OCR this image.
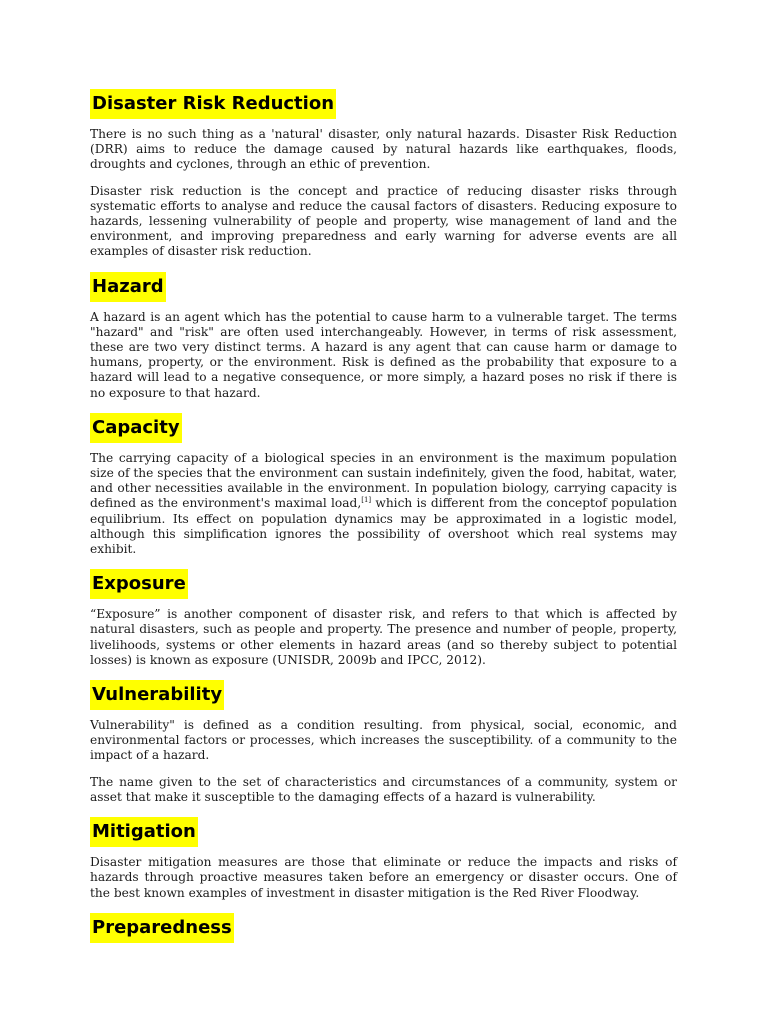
Disaster Risk Reduction

There is no such thing as a 'natural' disaster, only natural hazards. Disaster Risk Reduction (DRR) aims to reduce the damage caused by natural hazards like earthquakes, floods, droughts and cyclones, through an ethic of prevention.

Disaster risk reduction is the concept and practice of reducing disaster risks through systematic efforts to analyse and reduce the causal factors of disasters. Reducing exposure to hazards, lessening vulnerability of people and property, wise management of land and the environment, and improving preparedness and early warning for adverse events are all examples of disaster risk reduction.

Hazard

A hazard is an agent which has the potential to cause harm to a vulnerable target. The terms "hazard" and "risk" are often used interchangeably. However, in terms of risk assessment, these are two very distinct terms. A hazard is any agent that can cause harm or damage to humans, property, or the environment. Risk is defined as the probability that exposure to a hazard will lead to a negative consequence, or more simply, a hazard poses no risk if there is no exposure to that hazard.

Capacity

The carrying capacity of a biological species in an environment is the maximum population size of the species that the environment can sustain indefinitely, given the food, habitat, water, and other necessities available in the environment. In population biology, carrying capacity is defined as the environment's maximal load,[1] which is different from the conceptof population equilibrium. Its effect on population dynamics may be approximated in a logistic model, although this simplification ignores the possibility of overshoot which real systems may exhibit.

Exposure

“Exposure” is another component of disaster risk, and refers to that which is affected by natural disasters, such as people and property. The presence and number of people, property, livelihoods, systems or other elements in hazard areas (and so thereby subject to potential losses) is known as exposure (UNISDR, 2009b and IPCC, 2012).

Vulnerability

Vulnerability" is defined as a condition resulting. from physical, social, economic, and environmental factors or processes, which increases the susceptibility. of a community to the impact of a hazard.

The name given to the set of characteristics and circumstances of a community, system or asset that make it susceptible to the damaging effects of a hazard is vulnerability.

Mitigation

Disaster mitigation measures are those that eliminate or reduce the impacts and risks of hazards through proactive measures taken before an emergency or disaster occurs. One of the best known examples of investment in disaster mitigation is the Red River Floodway.

Preparedness
